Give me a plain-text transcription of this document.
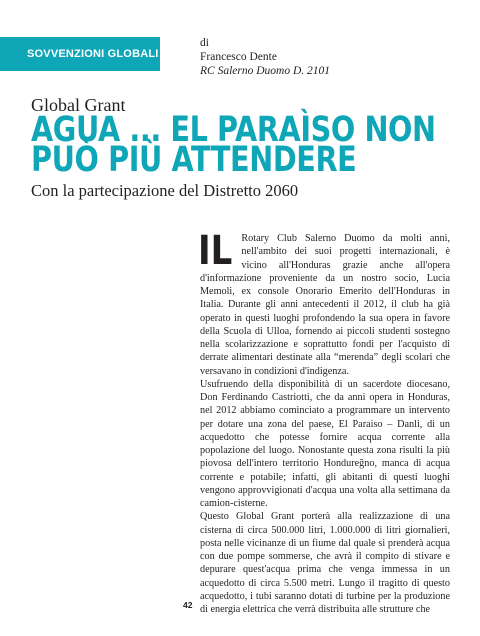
SOVVENZIONI GLOBALI
di
Francesco Dente
RC Salerno Duomo D. 2101
Global Grant
AGUA ... EL PARAÌSO NON PUÒ PIÙ ATTENDERE
Con la partecipazione del Distretto 2060

IL Rotary Club Salerno Duomo da molti anni, nell'ambito dei suoi progetti internazionali, è vicino all'Honduras grazie anche all'opera d'informazione proveniente da un nostro socio, Lucia Memoli, ex console Onorario Emerito dell'Honduras in Italia. Durante gli anni antecedenti il 2012, il club ha già operato in questi luoghi profondendo la sua opera in favore della Scuola di Ulloa, fornendo ai piccoli studenti sostegno nella scolarizzazione e soprattutto fondi per l'acquisto di derrate alimentari destinate alla “merenda” degli scolari che versavano in condizioni d'indigenza.

Usufruendo della disponibilità di un sacerdote diocesano, Don Ferdinando Castriotti, che da anni opera in Honduras, nel 2012 abbiamo cominciato a programmare un intervento per dotare una zona del paese, El Paraiso – Danli, di un acquedotto che potesse fornire acqua corrente alla popolazione del luogo. Nonostante questa zona risulti la più piovosa dell'intero territorio Hondureğno, manca di acqua corrente e potabile; infatti, gli abitanti di questi luoghi vengono approvvigionati d'acqua una volta alla settimana da camion-cisterne.

Questo Global Grant porterà alla realizzazione di una cisterna di circa 500.000 litri, 1.000.000 di litri giornalieri, posta nelle vicinanze di un fiume dal quale si prenderà acqua con due pompe sommerse, che avrà il compito di stivare e depurare quest'acqua prima che venga immessa in un acquedotto di circa 5.500 metri. Lungo il tragitto di questo acquedotto, i tubi saranno dotati di turbine per la produzione di energia elettrica che verrà distribuita alle strutture che

42
